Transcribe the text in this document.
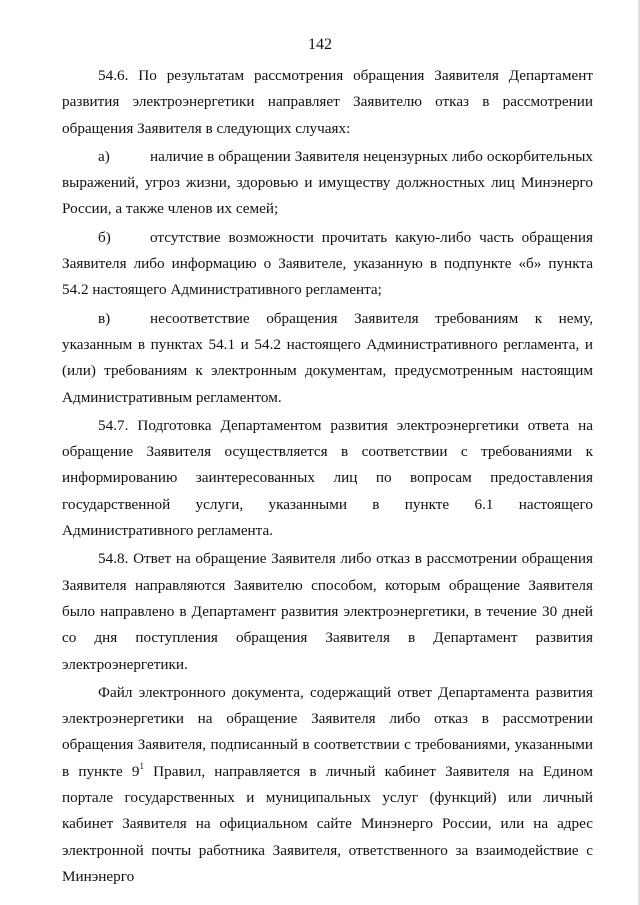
142

54.6. По результатам рассмотрения обращения Заявителя Департамент развития электроэнергетики направляет Заявителю отказ в рассмотрении обращения Заявителя в следующих случаях:

а)	наличие в обращении Заявителя нецензурных либо оскорбительных выражений, угроз жизни, здоровью и имуществу должностных лиц Минэнерго России, а также членов их семей;

б)	отсутствие возможности прочитать какую-либо часть обращения Заявителя либо информацию о Заявителе, указанную в подпункте «б» пункта 54.2 настоящего Административного регламента;

в)	несоответствие обращения Заявителя требованиям к нему, указанным в пунктах 54.1 и 54.2 настоящего Административного регламента, и (или) требованиям к электронным документам, предусмотренным настоящим Административным регламентом.

54.7. Подготовка Департаментом развития электроэнергетики ответа на обращение Заявителя осуществляется в соответствии с требованиями к информированию заинтересованных лиц по вопросам предоставления государственной услуги, указанными в пункте 6.1 настоящего Административного регламента.

54.8. Ответ на обращение Заявителя либо отказ в рассмотрении обращения Заявителя направляются Заявителю способом, которым обращение Заявителя было направлено в Департамент развития электроэнергетики, в течение 30 дней со дня поступления обращения Заявителя в Департамент развития электроэнергетики.

Файл электронного документа, содержащий ответ Департамента развития электроэнергетики на обращение Заявителя либо отказ в рассмотрении обращения Заявителя, подписанный в соответствии с требованиями, указанными в пункте $9^1$ Правил, направляется в личный кабинет Заявителя на Едином портале государственных и муниципальных услуг (функций) или личный кабинет Заявителя на официальном сайте Минэнерго России, или на адрес электронной почты работника Заявителя, ответственного за взаимодействие с Минэнерго
